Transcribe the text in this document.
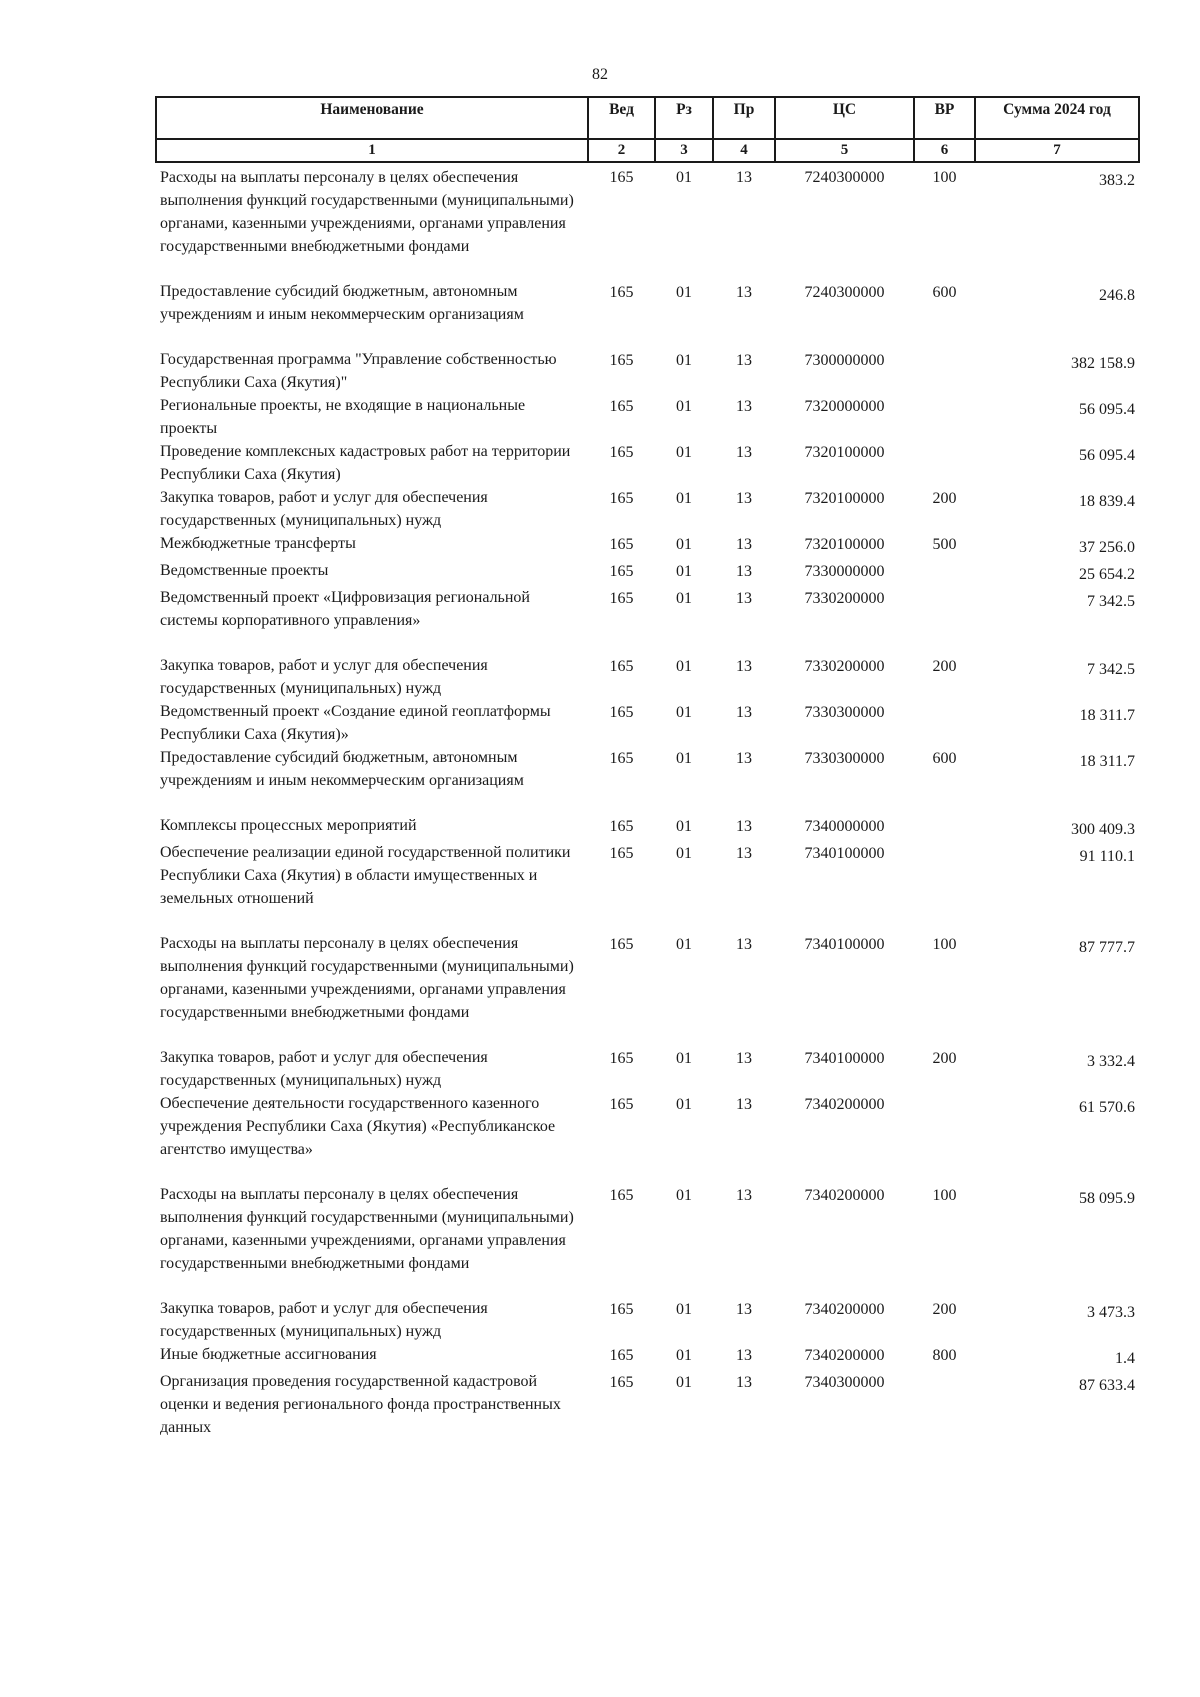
82
Наименование	Вед	Рз	Пр	ЦС	ВР	Сумма 2024 год
1	2	3	4	5	6	7
Расходы на выплаты персоналу в целях обеспечения выполнения функций государственными (муниципальными) органами, казенными учреждениями, органами управления государственными внебюджетными фондами	165	01	13	7240300000	100	383.2
Предоставление субсидий бюджетным, автономным учреждениям и иным некоммерческим организациям	165	01	13	7240300000	600	246.8
Государственная программа "Управление собственностью Республики Саха (Якутия)"	165	01	13	7300000000		382 158.9
Региональные проекты, не входящие в национальные проекты	165	01	13	7320000000		56 095.4
Проведение комплексных кадастровых работ на территории Республики Саха (Якутия)	165	01	13	7320100000		56 095.4
Закупка товаров, работ и услуг для обеспечения государственных (муниципальных) нужд	165	01	13	7320100000	200	18 839.4
Межбюджетные трансферты	165	01	13	7320100000	500	37 256.0
Ведомственные проекты	165	01	13	7330000000		25 654.2
Ведомственный проект «Цифровизация региональной системы корпоративного управления»	165	01	13	7330200000		7 342.5
Закупка товаров, работ и услуг для обеспечения государственных (муниципальных) нужд	165	01	13	7330200000	200	7 342.5
Ведомственный проект «Создание единой геоплатформы Республики Саха (Якутия)»	165	01	13	7330300000		18 311.7
Предоставление субсидий бюджетным, автономным учреждениям и иным некоммерческим организациям	165	01	13	7330300000	600	18 311.7
Комплексы процессных мероприятий	165	01	13	7340000000		300 409.3
Обеспечение реализации единой государственной политики Республики Саха (Якутия) в области имущественных и земельных отношений	165	01	13	7340100000		91 110.1
Расходы на выплаты персоналу в целях обеспечения выполнения функций государственными (муниципальными) органами, казенными учреждениями, органами управления государственными внебюджетными фондами	165	01	13	7340100000	100	87 777.7
Закупка товаров, работ и услуг для обеспечения государственных (муниципальных) нужд	165	01	13	7340100000	200	3 332.4
Обеспечение деятельности государственного казенного учреждения Республики Саха (Якутия) «Республиканское агентство имущества»	165	01	13	7340200000		61 570.6
Расходы на выплаты персоналу в целях обеспечения выполнения функций государственными (муниципальными) органами, казенными учреждениями, органами управления государственными внебюджетными фондами	165	01	13	7340200000	100	58 095.9
Закупка товаров, работ и услуг для обеспечения государственных (муниципальных) нужд	165	01	13	7340200000	200	3 473.3
Иные бюджетные ассигнования	165	01	13	7340200000	800	1.4
Организация проведения государственной кадастровой оценки и ведения регионального фонда пространственных данных	165	01	13	7340300000		87 633.4
